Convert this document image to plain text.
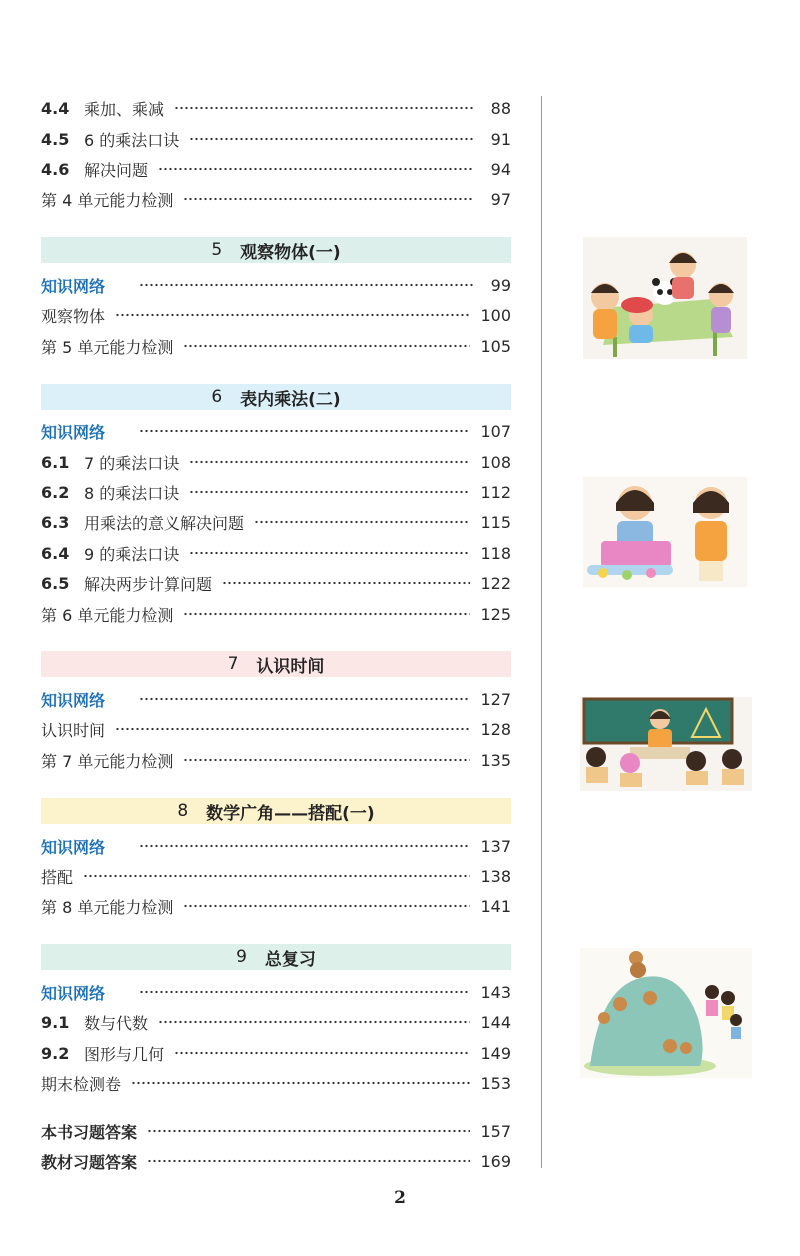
4.4 乘加、乘减	88
4.5 6 的乘法口诀	91
4.6 解决问题	94
第 4 单元能力检测	97
5 观察物体(一)
知识网络	99
观察物体	100
第 5 单元能力检测	105
6 表内乘法(二)
知识网络	107
6.1 7 的乘法口诀	108
6.2 8 的乘法口诀	112
6.3 用乘法的意义解决问题	115
6.4 9 的乘法口诀	118
6.5 解决两步计算问题	122
第 6 单元能力检测	125
7 认识时间
知识网络	127
认识时间	128
第 7 单元能力检测	135
8 数学广角——搭配(一)
知识网络	137
搭配	138
第 8 单元能力检测	141
9 总复习
知识网络	143
9.1 数与代数	144
9.2 图形与几何	149
期末检测卷	153
本书习题答案	157
教材习题答案	169
2
